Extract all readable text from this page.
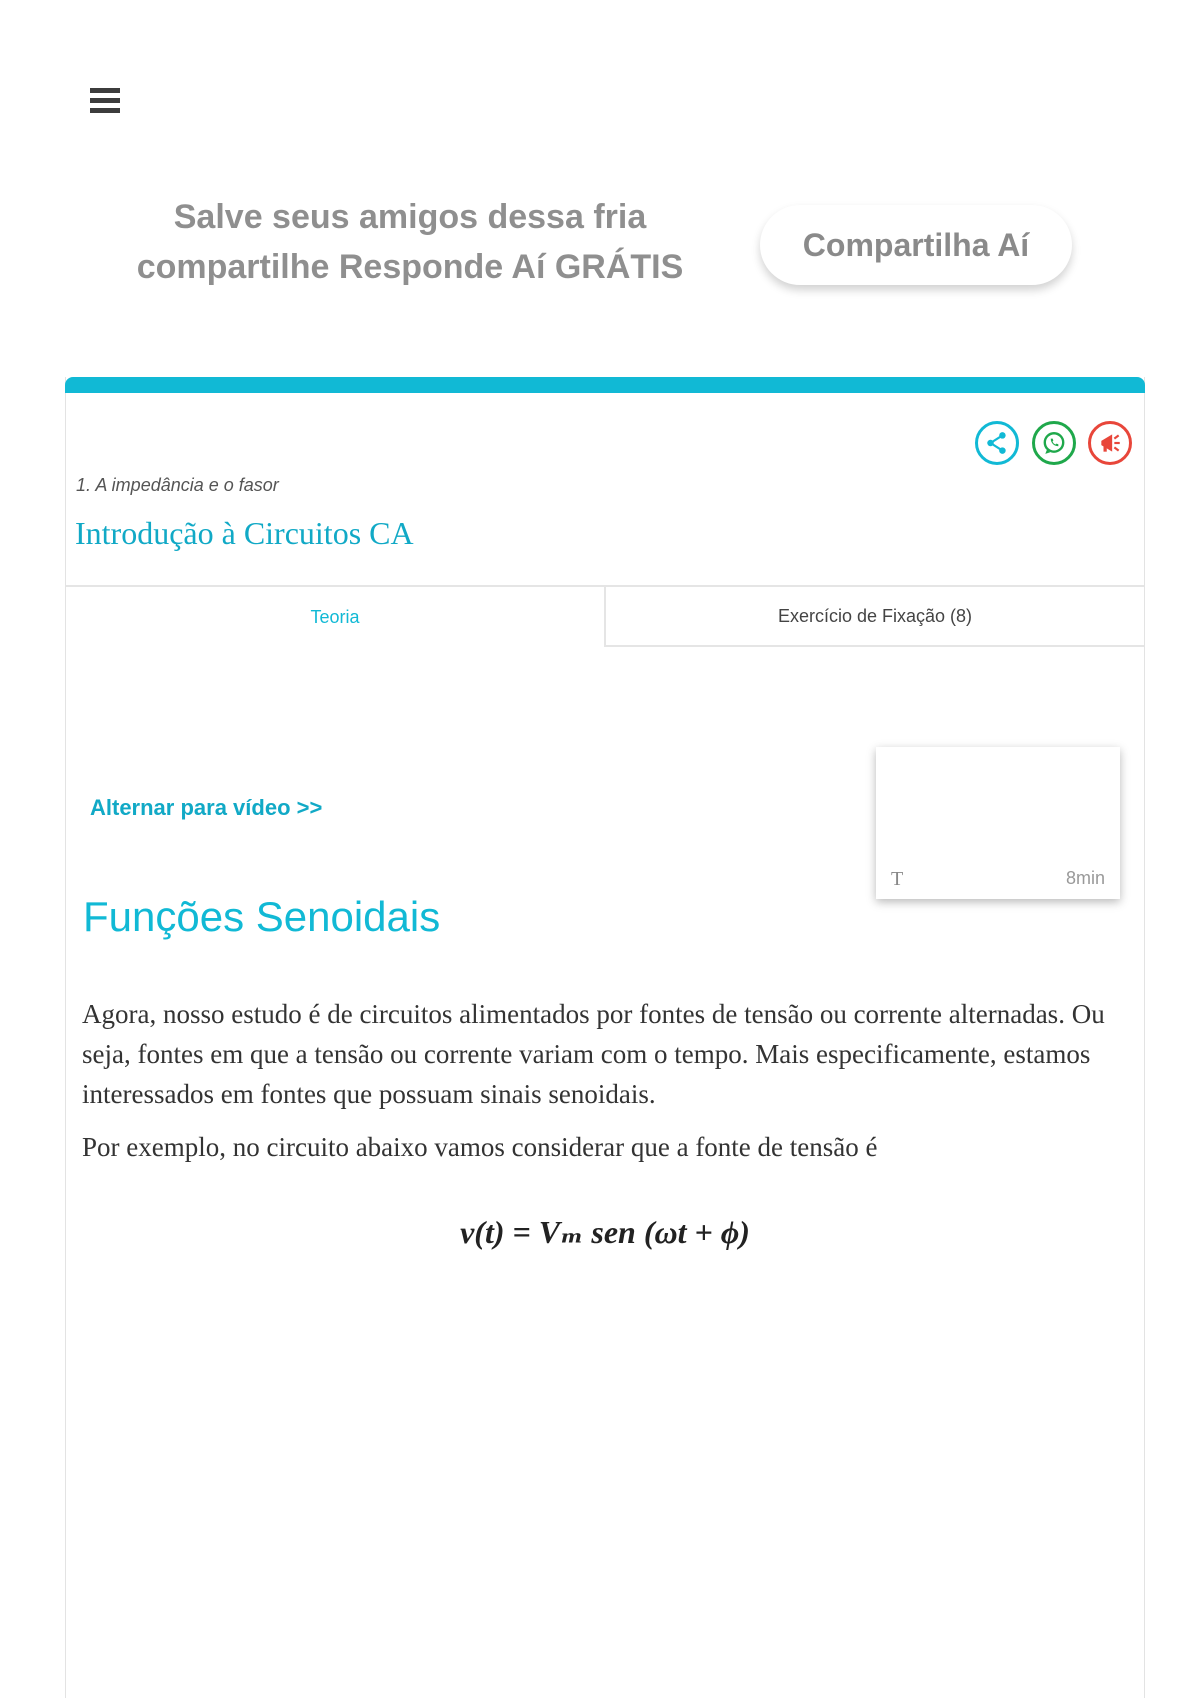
Salve seus amigos dessa fria
compartilhe Responde Aí GRÁTIS
Compartilha Aí
1. A impedância e o fasor
Introdução à Circuitos CA
Teoria	Exercício de Fixação (8)
T	8min
Alternar para vídeo >>
Funções Senoidais

Agora, nosso estudo é de circuitos alimentados por fontes de tensão ou corrente alternadas. Ou seja, fontes em que a tensão ou corrente variam com o tempo. Mais especificamente, estamos interessados em fontes que possuam sinais senoidais.

Por exemplo, no circuito abaixo vamos considerar que a fonte de tensão é

v(t) = Vₘ sen (ωt + ϕ)
